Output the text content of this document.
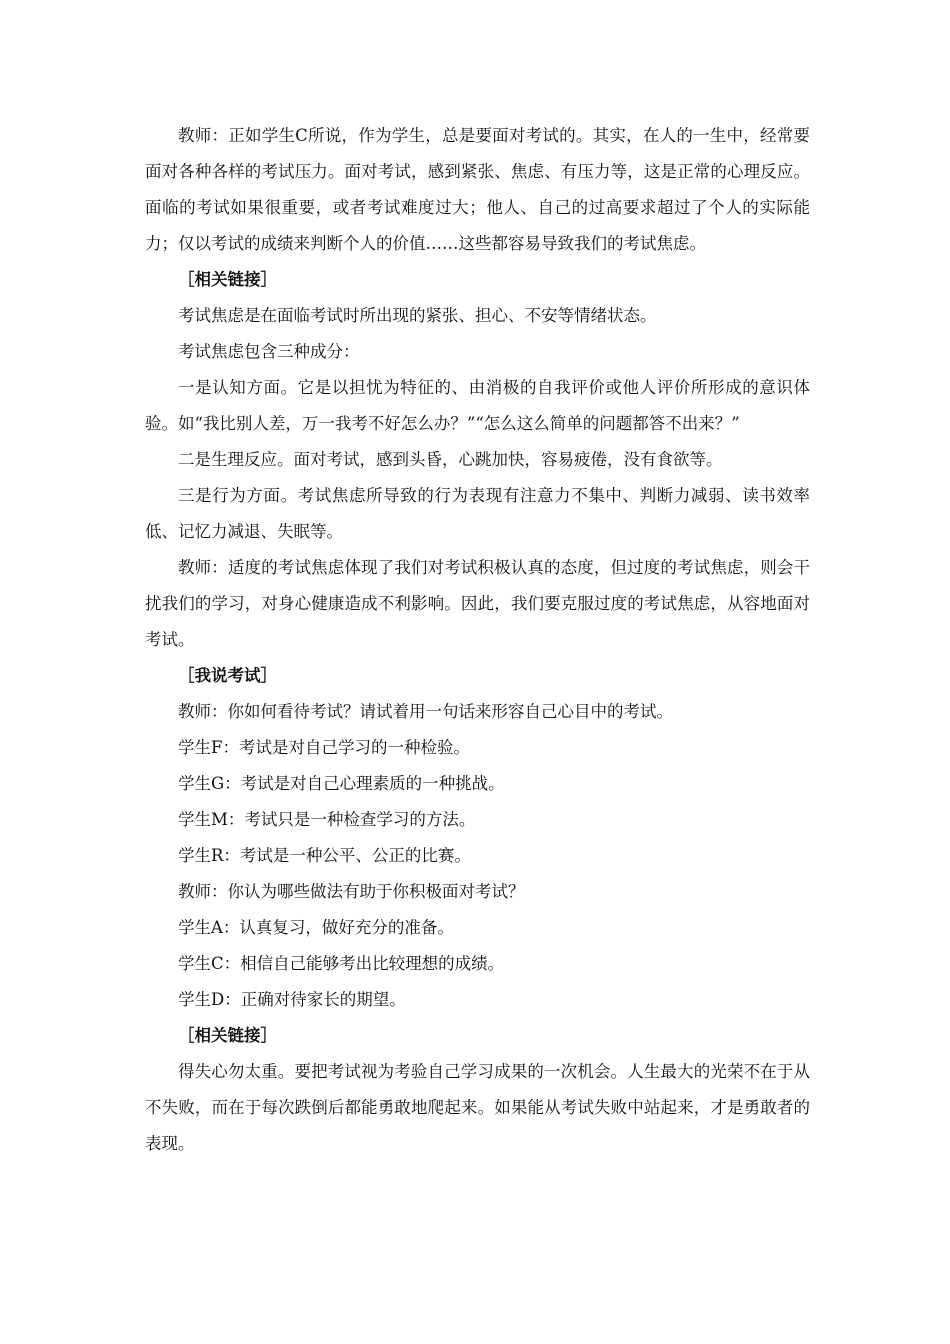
教师：正如学生C所说，作为学生，总是要面对考试的。其实，在人的一生中，经常要面对各种各样的考试压力。面对考试，感到紧张、焦虑、有压力等，这是正常的心理反应。面临的考试如果很重要，或者考试难度过大；他人、自己的过高要求超过了个人的实际能力；仅以考试的成绩来判断个人的价值……这些都容易导致我们的考试焦虑。

［相关链接］

考试焦虑是在面临考试时所出现的紧张、担心、不安等情绪状态。

考试焦虑包含三种成分：

一是认知方面。它是以担忧为特征的、由消极的自我评价或他人评价所形成的意识体验。如“我比别人差，万一我考不好怎么办？”“怎么这么简单的问题都答不出来？”

二是生理反应。面对考试，感到头昏，心跳加快，容易疲倦，没有食欲等。

三是行为方面。考试焦虑所导致的行为表现有注意力不集中、判断力减弱、读书效率低、记忆力减退、失眠等。

教师：适度的考试焦虑体现了我们对考试积极认真的态度，但过度的考试焦虑，则会干扰我们的学习，对身心健康造成不利影响。因此，我们要克服过度的考试焦虑，从容地面对考试。

［我说考试］

教师：你如何看待考试？请试着用一句话来形容自己心目中的考试。

学生F：考试是对自己学习的一种检验。

学生G：考试是对自己心理素质的一种挑战。

学生M：考试只是一种检查学习的方法。

学生R：考试是一种公平、公正的比赛。

教师：你认为哪些做法有助于你积极面对考试？

学生A：认真复习，做好充分的准备。

学生C：相信自己能够考出比较理想的成绩。

学生D：正确对待家长的期望。

［相关链接］

得失心勿太重。要把考试视为考验自己学习成果的一次机会。人生最大的光荣不在于从不失败，而在于每次跌倒后都能勇敢地爬起来。如果能从考试失败中站起来，才是勇敢者的表现。
